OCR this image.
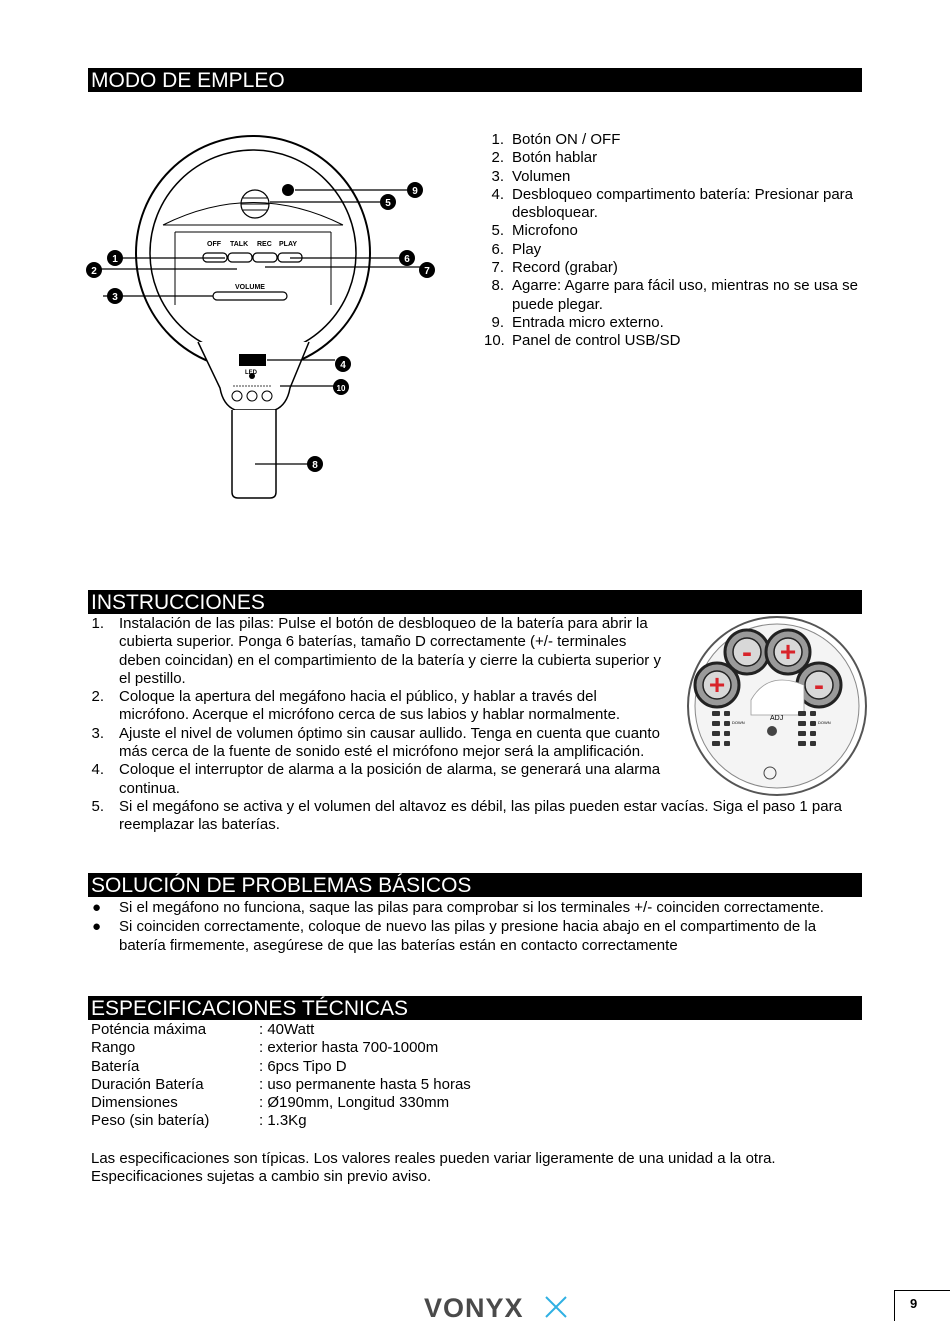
MODO DE EMPLEO
OFF TALK REC PLAY
VOLUME
LED
1
2
3
4
5
6
7
8
9
10
1. Botón ON / OFF
2. Botón hablar
3. Volumen
4. Desbloqueo compartimento batería: Presionar para desbloquear.
5. Microfono
6. Play
7. Record (grabar)
8. Agarre: Agarre para fácil uso, mientras no se usa se puede plegar.
9. Entrada micro externo.
10. Panel de control USB/SD
INSTRUCCIONES
1. Instalación de las pilas: Pulse el botón de desbloqueo de la batería para abrir la cubierta superior. Ponga 6 baterías, tamaño D correctamente (+/- terminales deben coincidan) en el compartimiento de la batería y cierre la cubierta superior y el pestillo.
2. Coloque la apertura del megáfono hacia el público, y hablar a través del micrófono. Acerque el micrófono cerca de sus labios y hablar normalmente.
3. Ajuste el nivel de volumen óptimo sin causar aullido. Tenga en cuenta que cuanto más cerca de la fuente de sonido esté el micrófono mejor será la amplificación.
4. Coloque el interruptor de alarma a la posición de alarma, se generará una alarma continua.
5. Si el megáfono se activa y el volumen del altavoz es débil, las pilas pueden estar vacías. Siga el paso 1 para reemplazar las baterías.
- +
+	-
ADJ
DOWN	DOWN
SOLUCIÓN DE PROBLEMAS BÁSICOS
● Si el megáfono no funciona, saque las pilas para comprobar si los terminales +/- coinciden correctamente.
● Si coinciden correctamente, coloque de nuevo las pilas y presione hacia abajo en el compartimento de la batería firmemente, asegúrese de que las baterías están en contacto correctamente
ESPECIFICACIONES TÉCNICAS
Poténcia máxima	: 40Watt
Rango	: exterior hasta 700-1000m
Batería	: 6pcs Tipo D
Duración Batería	: uso permanente hasta 5 horas
Dimensiones	: Ø190mm, Longitud 330mm
Peso (sin batería)	: 1.3Kg
Las especificaciones son típicas. Los valores reales pueden variar ligeramente de una unidad a la otra.
Especificaciones sujetas a cambio sin previo aviso.
VONYX	9
